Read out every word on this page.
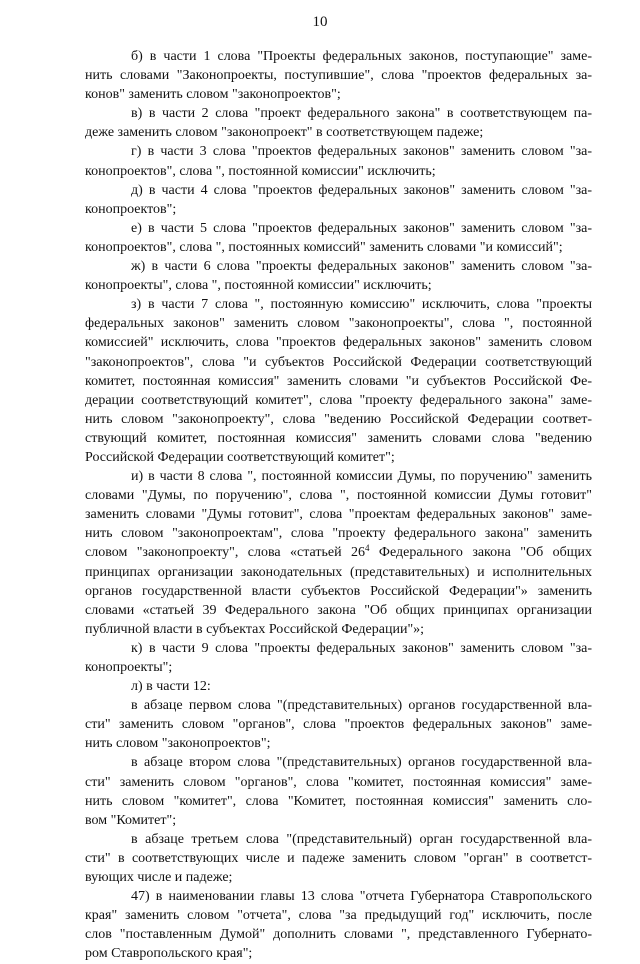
10
б) в части 1 слова "Проекты федеральных законов, поступающие" заме-
нить словами "Законопроекты, поступившие", слова "проектов федеральных за-
конов" заменить словом "законопроектов";
в) в части 2 слова "проект федерального закона" в соответствующем па-
деже заменить словом "законопроект" в соответствующем падеже;
г) в части 3 слова "проектов федеральных законов" заменить словом "за-
конопроектов", слова ", постоянной комиссии" исключить;
д) в части 4 слова "проектов федеральных законов" заменить словом "за-
конопроектов";
е) в части 5 слова "проектов федеральных законов" заменить словом "за-
конопроектов", слова ", постоянных комиссий" заменить словами "и комиссий";
ж) в части 6 слова "проекты федеральных законов" заменить словом "за-
конопроекты", слова ", постоянной комиссии" исключить;
з) в части 7 слова ", постоянную комиссию" исключить, слова "проекты
федеральных законов" заменить словом "законопроекты", слова ", постоянной
комиссией" исключить, слова "проектов федеральных законов" заменить словом
"законопроектов", слова "и субъектов Российской Федерации соответствующий
комитет, постоянная комиссия" заменить словами "и субъектов Российской Фе-
дерации соответствующий комитет", слова "проекту федерального закона" заме-
нить словом "законопроекту", слова "ведению Российской Федерации соответ-
ствующий комитет, постоянная комиссия" заменить словами слова "ведению
Российской Федерации соответствующий комитет";
и) в части 8 слова ", постоянной комиссии Думы, по поручению" заменить
словами "Думы, по поручению", слова ", постоянной комиссии Думы готовит"
заменить словами "Думы готовит", слова "проектам федеральных законов" заме-
нить словом "законопроектам", слова "проекту федерального закона" заменить
словом "законопроекту", слова «статьей $26^4$ Федерального закона "Об общих
принципах организации законодательных (представительных) и исполнительных
органов государственной власти субъектов Российской Федерации"» заменить
словами «статьей 39 Федерального закона "Об общих принципах организации
публичной власти в субъектах Российской Федерации"»;
к) в части 9 слова "проекты федеральных законов" заменить словом "за-
конопроекты";
л) в части 12:
в абзаце первом слова "(представительных) органов государственной вла-
сти" заменить словом "органов", слова "проектов федеральных законов" заме-
нить словом "законопроектов";
в абзаце втором слова "(представительных) органов государственной вла-
сти" заменить словом "органов", слова "комитет, постоянная комиссия" заме-
нить словом "комитет", слова "Комитет, постоянная комиссия" заменить сло-
вом "Комитет";
в абзаце третьем слова "(представительный) орган государственной вла-
сти" в соответствующих числе и падеже заменить словом "орган" в соответст-
вующих числе и падеже;
47) в наименовании главы 13 слова "отчета Губернатора Ставропольского
края" заменить словом "отчета", слова "за предыдущий год" исключить, после
слов "поставленным Думой" дополнить словами ", представленного Губернато-
ром Ставропольского края";
